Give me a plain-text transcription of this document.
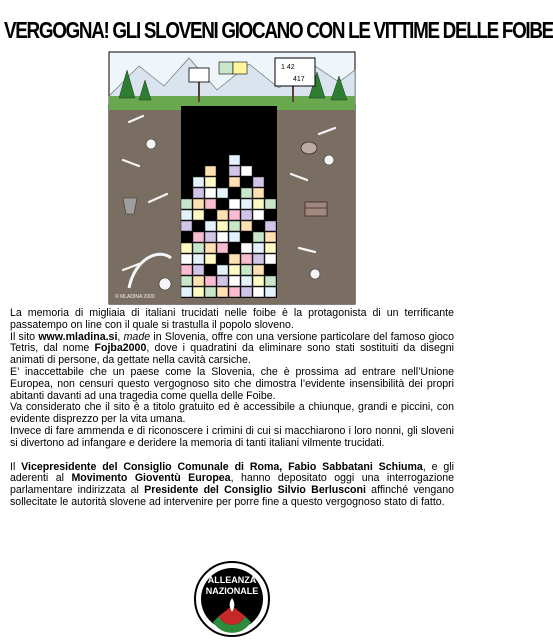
VERGOGNA! GLI SLOVENI GIOCANO CON LE VITTIME DELLE FOIBE
1 42
417
© MLADINA 2000

La memoria di migliaia di italiani trucidati nelle foibe è la protagonista di un terrificante passatempo on line con il quale si trastulla il popolo sloveno.

Il sito www.mladina.si, made in Slovenia, offre con una versione particolare del famoso gioco Tetris, dal nome Fojba2000, dove i quadratini da eliminare sono stati sostituiti da disegni animati di persone, da gettate nella cavità carsiche.

E’ inaccettabile che un paese come la Slovenia, che è prossima ad entrare nell’Unione Europea, non censuri questo vergognoso sito che dimostra l’evidente insensibilità dei propri abitanti davanti ad una tragedia come quella delle Foibe.

Va considerato che il sito è a titolo gratuito ed è accessibile a chiunque, grandi e piccini, con evidente disprezzo per la vita umana.

Invece di fare ammenda e di riconoscere i crimini di cui si macchiarono i loro nonni, gli sloveni si divertono ad infangare e deridere la memoria di tanti italiani vilmente trucidati.

Il Vicepresidente del Consiglio Comunale di Roma, Fabio Sabbatani Schiuma, e gli aderenti al Movimento Gioventù Europea, hanno depositato oggi una interrogazione parlamentare indirizzata al Presidente del Consiglio Silvio Berlusconi affinché vengano sollecitate le autorità slovene ad intervenire per porre fine a questo vergognoso stato di fatto.

ALLEANZA
NAZIONALE
